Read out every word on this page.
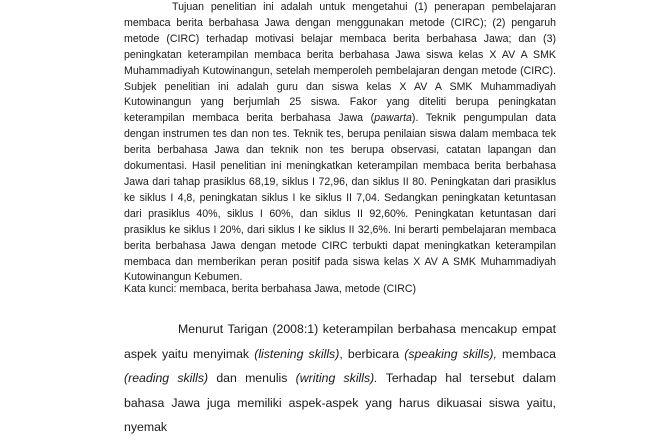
Tujuan penelitian ini adalah untuk mengetahui (1) penerapan pembelajaran membaca berita berbahasa Jawa dengan menggunakan metode (CIRC); (2) pengaruh metode (CIRC) terhadap motivasi belajar membaca berita berbahasa Jawa; dan (3) peningkatan keterampilan membaca berita berbahasa Jawa siswa kelas X AV A SMK Muhammadiyah Kutowinangun, setelah memperoleh pembelajaran dengan metode (CIRC). Subjek penelitian ini adalah guru dan siswa kelas X AV A SMK Muhammadiyah Kutowinangun yang berjumlah 25 siswa. Fakor yang diteliti berupa peningkatan keterampilan membaca berita berbahasa Jawa (pawarta). Teknik pengumpulan data dengan instrumen tes dan non tes. Teknik tes, berupa penilaian siswa dalam membaca tek berita berbahasa Jawa dan teknik non tes berupa observasi, catatan lapangan dan dokumentasi. Hasil penelitian ini meningkatkan keterampilan membaca berita berbahasa Jawa dari tahap prasiklus 68,19, siklus I 72,96, dan siklus II 80. Peningkatan dari prasiklus ke siklus I 4,8, peningkatan siklus I ke siklus II 7,04. Sedangkan peningkatan ketuntasan dari prasiklus 40%, siklus I 60%, dan siklus II 92,60%. Peningkatan ketuntasan dari prasiklus ke siklus I 20%, dari siklus I ke siklus II 32,6%. Ini berarti pembelajaran membaca berita berbahasa Jawa dengan metode CIRC terbukti dapat meningkatkan keterampilan membaca dan memberikan peran positif pada siswa kelas X AV A SMK Muhammadiyah Kutowinangun Kebumen.

Kata kunci: membaca, berita berbahasa Jawa, metode (CIRC)

Menurut Tarigan (2008:1) keterampilan berbahasa mencakup empat aspek yaitu menyimak (listening skills), berbicara (speaking skills), membaca (reading skills) dan menulis (writing skills). Terhadap hal tersebut dalam bahasa Jawa juga memiliki aspek-aspek yang harus dikuasai siswa yaitu, nyemak
